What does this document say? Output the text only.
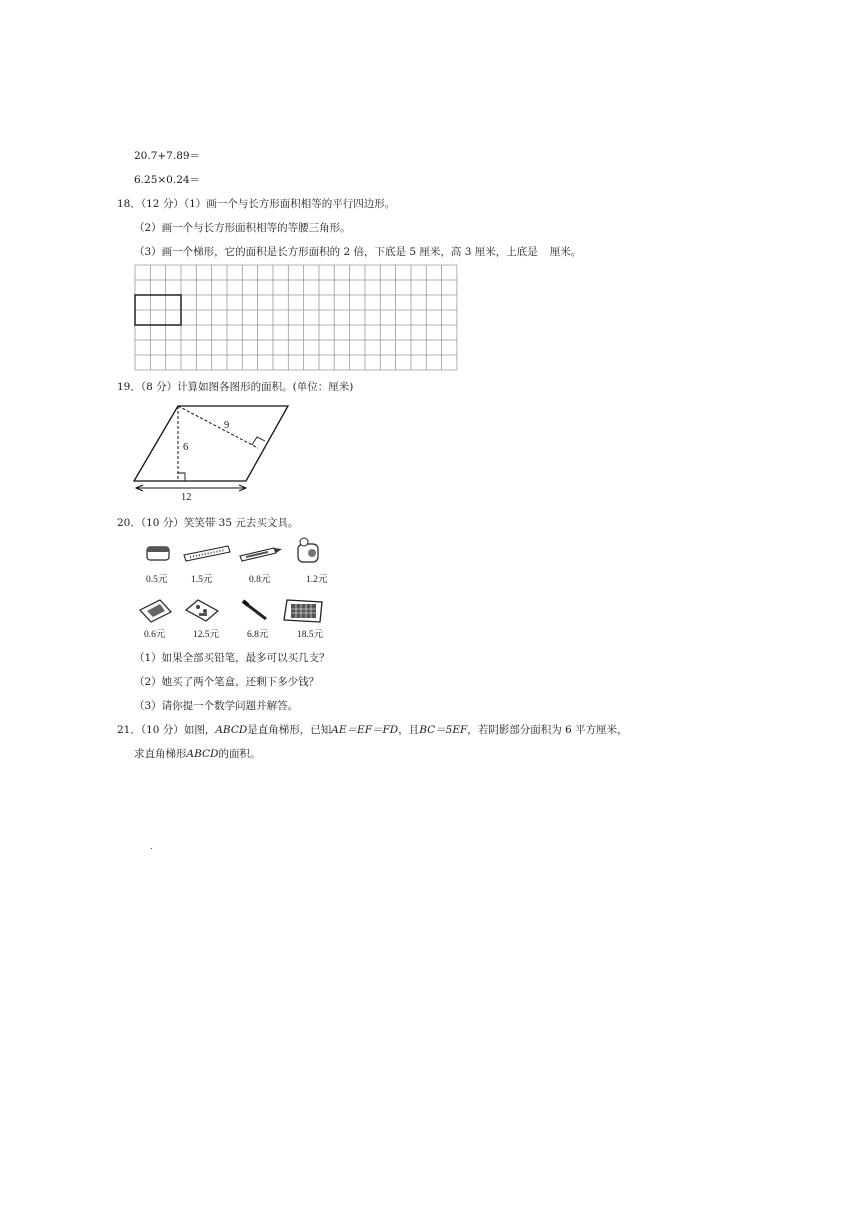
20.7+7.89＝
6.25×0.24＝
18．（12 分）（1）画一个与长方形面积相等的平行四边形。
（2）画一个与长方形面积相等的等腰三角形。
（3）画一个梯形，它的面积是长方形面积的 2 倍，下底是 5 厘米，高 3 厘米，上底是 厘米。
19．（8 分）计算如图各图形的面积。(单位：厘米)
6
9
12
20．（10 分）笑笑带 35 元去买文具。
0.5元 1.5元	0.8元	1.2元
0.6元	12.5元	6.8元	18.5元
（1）如果全部买铅笔，最多可以买几支？
（2）她买了两个笔盒，还剩下多少钱？
（3）请你提一个数学问题并解答。
21．（10 分）如图，ABCD是直角梯形，已知AE＝EF＝FD，且BC＝5EF，若阴影部分面积为 6 平方厘米，
求直角梯形ABCD的面积。
